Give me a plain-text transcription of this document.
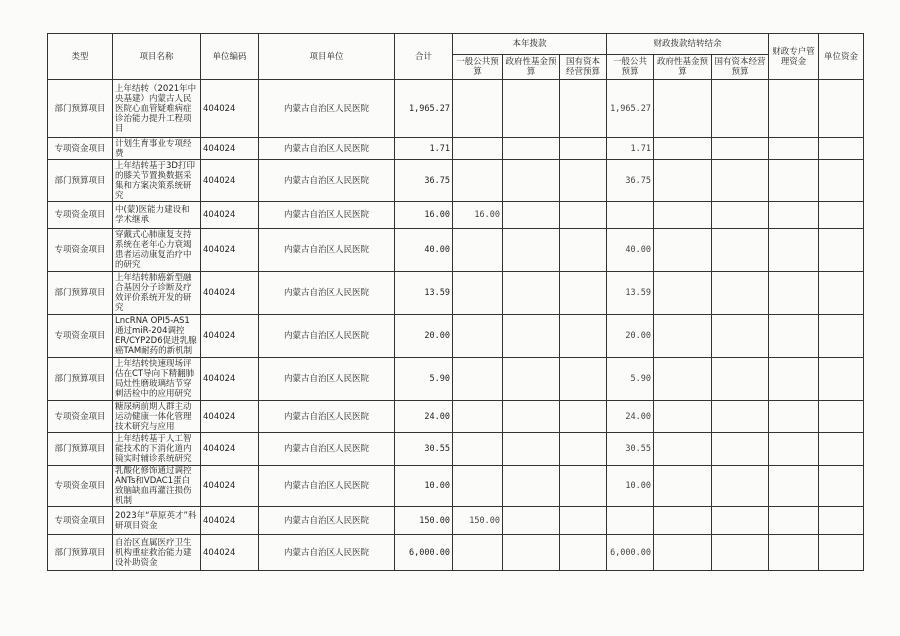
类型	项目名称	单位编码	项目单位	合计	本年拨款			财政拨款结转结余			财政专户管理资金	单位资金
					一般公共预算	政府性基金预算	国有资本经营预算	一般公共预算	政府性基金预算	国有资本经营预算		
部门预算项目	上年结转（2021年中央基建）内蒙古人民医院心血管疑难病症诊治能力提升工程项目	404024	内蒙古自治区人民医院	1,965.27				1,965.27				
专项资金项目	计划生育事业专项经费	404024	内蒙古自治区人民医院	1.71				1.71				
部门预算项目	上年结转基于3D打印的膝关节置换数据采集和方案决策系统研究	404024	内蒙古自治区人民医院	36.75				36.75				
专项资金项目	中(蒙)医能力建设和学术继承	404024	内蒙古自治区人民医院	16.00	16.00							
专项资金项目	穿戴式心肺康复支持系统在老年心力衰竭患者运动康复治疗中的研究	404024	内蒙古自治区人民医院	40.00				40.00				
部门预算项目	上年结转肺癌新型融合基因分子诊断及疗效评价系统开发的研究	404024	内蒙古自治区人民医院	13.59				13.59				
专项资金项目	LncRNA OPI5-AS1通过miR-204调控ER/CYP2D6促进乳腺癌TAM耐药的新机制	404024	内蒙古自治区人民医院	20.00				20.00				
部门预算项目	上年结转快速现场评估在CT导向下精翻肺局灶性磨玻璃结节穿刺活检中的应用研究	404024	内蒙古自治区人民医院	5.90				5.90				
专项资金项目	糖尿病前期人群主动运动健康一体化管理技术研究与应用	404024	内蒙古自治区人民医院	24.00				24.00				
部门预算项目	上年结转基于人工智能技术的下消化道内镜实时辅诊系统研究	404024	内蒙古自治区人民医院	30.55				30.55				
专项资金项目	乳酸化修饰通过调控ANTs和VDAC1蛋白致脑缺血再灌注损伤机制	404024	内蒙古自治区人民医院	10.00				10.00				
专项资金项目	2023年“草原英才”科研项目资金	404024	内蒙古自治区人民医院	150.00	150.00							
部门预算项目	自治区直属医疗卫生机构重症救治能力建设补助资金	404024	内蒙古自治区人民医院	6,000.00				6,000.00				
